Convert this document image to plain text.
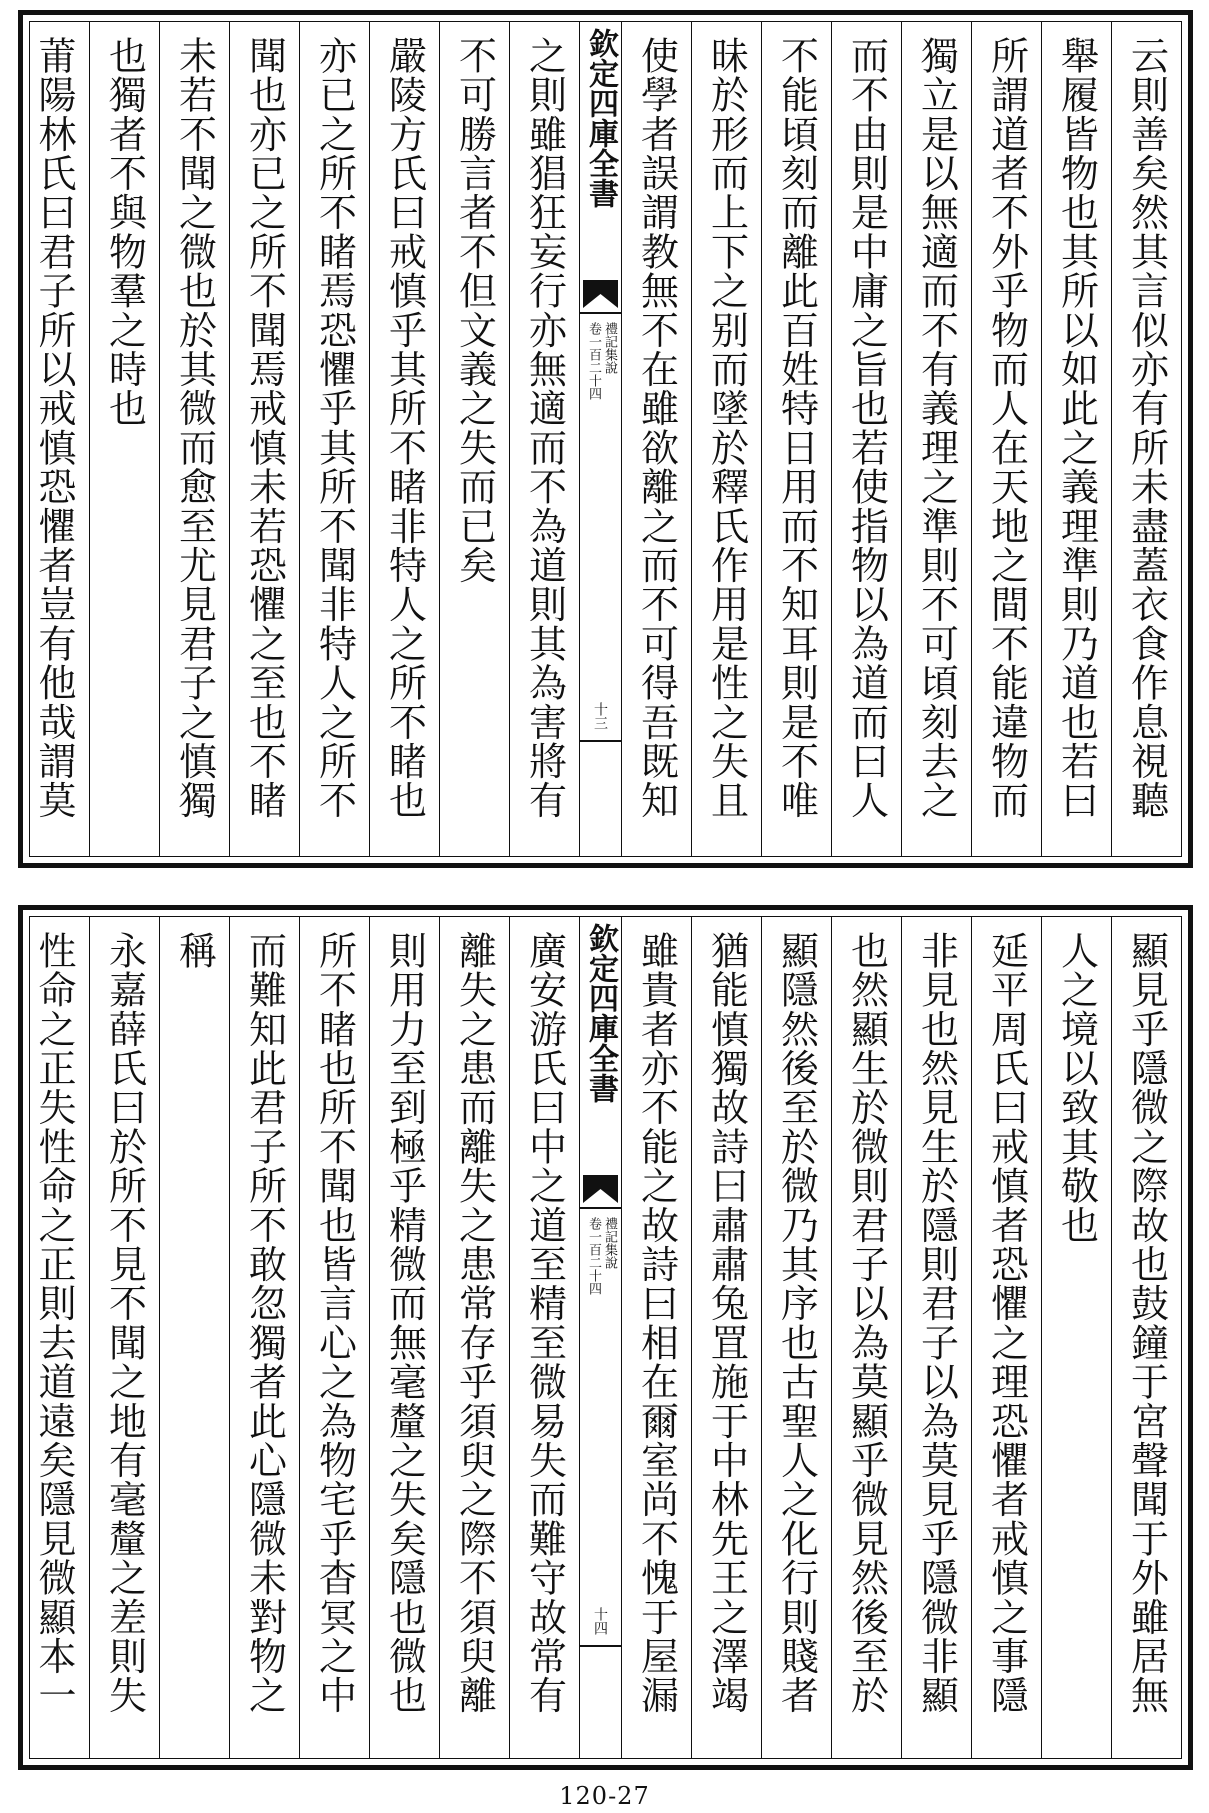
云則善矣然其言似亦有所未盡蓋衣食作息視聽
舉履皆物也其所以如此之義理準則乃道也若曰
所謂道者不外乎物而人在天地之間不能違物而
獨立是以無適而不有義理之準則不可頃刻去之
而不由則是中庸之旨也若使指物以為道而曰人
不能頃刻而離此百姓特日用而不知耳則是不唯
昧於形而上下之别而墜於釋氏作用是性之失且
使學者誤謂教無不在雖欲離之而不可得吾既知
欽定四庫全書
禮記集說
卷一百二十四
十三
之則雖猖狂妄行亦無適而不為道則其為害將有
不可勝言者不但文義之失而已矣
嚴陵方氏曰戒慎乎其所不睹非特人之所不睹也
亦已之所不睹焉恐懼乎其所不聞非特人之所不
聞也亦已之所不聞焉戒慎未若恐懼之至也不睹
未若不聞之微也於其微而愈至尤見君子之慎獨
也獨者不與物羣之時也
莆陽林氏曰君子所以戒慎恐懼者豈有他哉謂莫
顯見乎隱微之際故也鼓鐘于宮聲聞于外雖居無
人之境以致其敬也
延平周氏曰戒慎者恐懼之理恐懼者戒慎之事隱
非見也然見生於隱則君子以為莫見乎隱微非顯
也然顯生於微則君子以為莫顯乎微見然後至於
顯隱然後至於微乃其序也古聖人之化行則賤者
猶能慎獨故詩曰肅肅兔罝施于中林先王之澤竭
雖貴者亦不能之故詩曰相在爾室尚不愧于屋漏
欽定四庫全書
禮記集說
卷一百二十四
十四
廣安游氏曰中之道至精至微易失而難守故常有
離失之患而離失之患常存乎須臾之際不須臾離
則用力至到極乎精微而無毫釐之失矣隱也微也
所不睹也所不聞也皆言心之為物宅乎杳冥之中
而難知此君子所不敢忽獨者此心隱微未對物之
稱
永嘉薛氏曰於所不見不聞之地有毫釐之差則失
性命之正失性命之正則去道遠矣隱見微顯本一
120-27
